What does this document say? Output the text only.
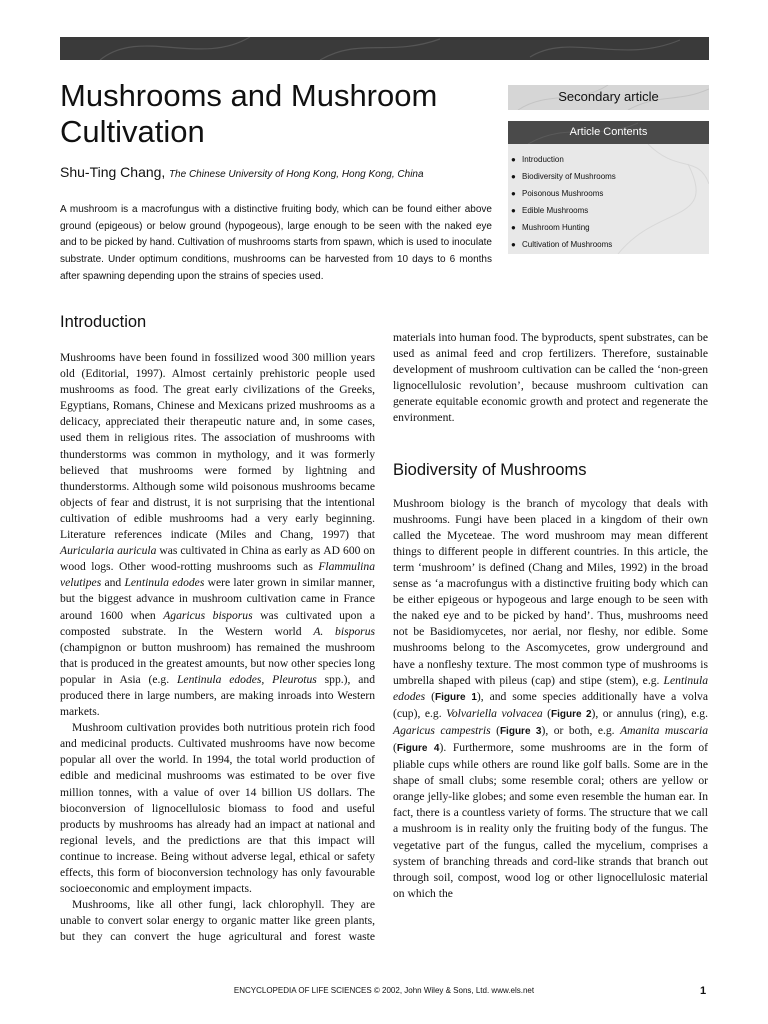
Mushrooms and Mushroom Cultivation
Shu-Ting Chang, The Chinese University of Hong Kong, Hong Kong, China

A mushroom is a macrofungus with a distinctive fruiting body, which can be found either above ground (epigeous) or below ground (hypogeous), large enough to be seen with the naked eye and to be picked by hand. Cultivation of mushrooms starts from spawn, which is used to inoculate substrate. Under optimum conditions, mushrooms can be harvested from 10 days to 6 months after spawning depending upon the strains of species used.

Secondary article
Article Contents
● Introduction
● Biodiversity of Mushrooms
● Poisonous Mushrooms
● Edible Mushrooms
● Mushroom Hunting
● Cultivation of Mushrooms
Introduction

Mushrooms have been found in fossilized wood 300 million years old (Editorial, 1997). Almost certainly prehistoric people used mushrooms as food. The great early civilizations of the Greeks, Egyptians, Romans, Chinese and Mexicans prized mushrooms as a delicacy, appreciated their therapeutic nature and, in some cases, used them in religious rites. The association of mushrooms with thunderstorms was common in mythology, and it was formerly believed that mushrooms were formed by lightning and thunderstorms. Although some wild poisonous mushrooms became objects of fear and distrust, it is not surprising that the intentional cultivation of edible mushrooms had a very early beginning. Literature references indicate (Miles and Chang, 1997) that Auricularia auricula was cultivated in China as early as AD 600 on wood logs. Other wood-rotting mushrooms such as Flammulina velutipes and Lentinula edodes were later grown in similar manner, but the biggest advance in mushroom cultivation came in France around 1600 when Agaricus bisporus was cultivated upon a composted substrate. In the Western world A. bisporus (champignon or button mushroom) has remained the mushroom that is produced in the greatest amounts, but now other species long popular in Asia (e.g. Lentinula edodes, Pleurotus spp.), and produced there in large numbers, are making inroads into Western markets.

Mushroom cultivation provides both nutritious protein rich food and medicinal products. Cultivated mushrooms have now become popular all over the world. In 1994, the total world production of edible and medicinal mushrooms was estimated to be over five million tonnes, with a value of over 14 billion US dollars. The bioconversion of lignocellulosic biomass to food and useful products by mushrooms has already had an impact at national and regional levels, and the predictions are that this impact will continue to increase. Being without adverse legal, ethical or safety effects, this form of bioconversion technology has only favourable socioeconomic and employment impacts.

Mushrooms, like all other fungi, lack chlorophyll. They are unable to convert solar energy to organic matter like green plants, but they can convert the huge agricultural and forest waste

materials into human food. The byproducts, spent substrates, can be used as animal feed and crop fertilizers. Therefore, sustainable development of mushroom cultivation can be called the ‘non-green lignocellulosic revolution’, because mushroom cultivation can generate equitable economic growth and protect and regenerate the environment.

Biodiversity of Mushrooms

Mushroom biology is the branch of mycology that deals with mushrooms. Fungi have been placed in a kingdom of their own called the Myceteae. The word mushroom may mean different things to different people in different countries. In this article, the term ‘mushroom’ is defined (Chang and Miles, 1992) in the broad sense as ‘a macrofungus with a distinctive fruiting body which can be either epigeous or hypogeous and large enough to be seen with the naked eye and to be picked by hand’. Thus, mushrooms need not be Basidiomycetes, nor aerial, nor fleshy, nor edible. Some mushrooms belong to the Ascomycetes, grow underground and have a nonfleshy texture. The most common type of mushrooms is umbrella shaped with pileus (cap) and stipe (stem), e.g. Lentinula edodes (Figure 1), and some species additionally have a volva (cup), e.g. Volvariella volvacea (Figure 2), or annulus (ring), e.g. Agaricus campestris (Figure 3), or both, e.g. Amanita muscaria (Figure 4). Furthermore, some mushrooms are in the form of pliable cups while others are round like golf balls. Some are in the shape of small clubs; some resemble coral; others are yellow or orange jelly-like globes; and some even resemble the human ear. In fact, there is a countless variety of forms. The structure that we call a mushroom is in reality only the fruiting body of the fungus. The vegetative part of the fungus, called the mycelium, comprises a system of branching threads and cord-like strands that branch out through soil, compost, wood log or other lignocellulosic material on which the

ENCYCLOPEDIA OF LIFE SCIENCES © 2002, John Wiley & Sons, Ltd. www.els.net	1
